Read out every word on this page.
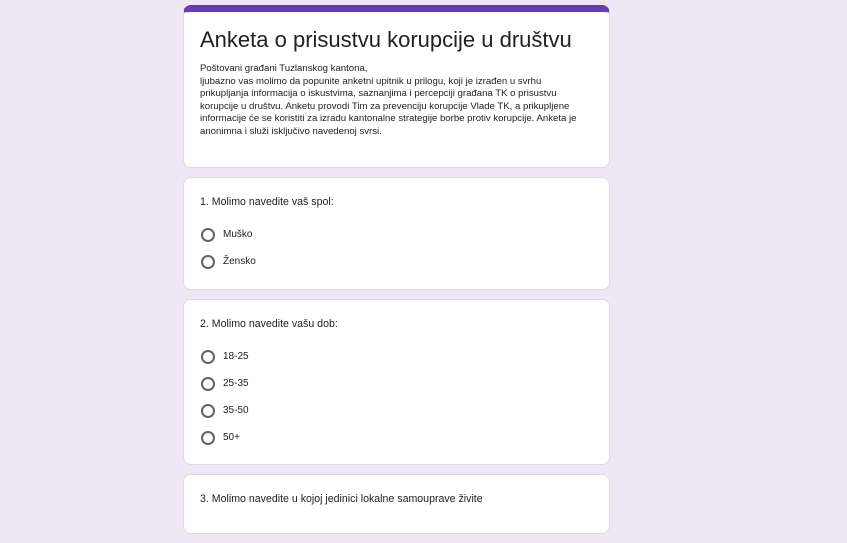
Anketa o prisustvu korupcije u društvu
Poštovani građani Tuzlanskog kantona,
ljubazno vas molimo da popunite anketni upitnik u prilogu, koji je izrađen u svrhu
prikupljanja informacija o iskustvima, saznanjima i percepciji građana TK o prisustvu
korupcije u društvu. Anketu provodi Tim za prevenciju korupcije Vlade TK, a prikupljene
informacije će se koristiti za izradu kantonalne strategije borbe protiv korupcije. Anketa je
anonimna i služi isključivo navedenoj svrsi.
1. Molimo navedite vaš spol:
Muško
Žensko
2. Molimo navedite vašu dob:
18-25
25-35
35-50
50+
3. Molimo navedite u kojoj jedinici lokalne samouprave živite
